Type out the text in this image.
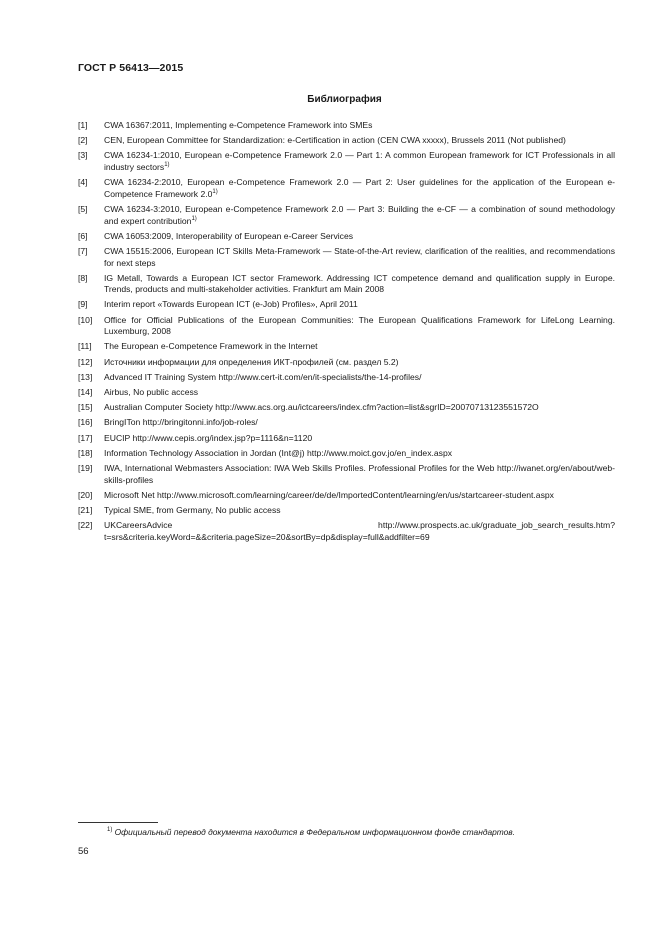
ГОСТ Р 56413—2015
Библиография
[1]	CWA 16367:2011, Implementing e-Competence Framework into SMEs
[2]	CEN, European Committee for Standardization: e-Certification in action (CEN CWA xxxxx), Brussels 2011 (Not published)
[3]	CWA 16234-1:2010, European e-Competence Framework 2.0 — Part 1: A common European framework for ICT Professionals in all industry sectors$^{1)}$
[4]	CWA 16234-2:2010, European e-Competence Framework 2.0 — Part 2: User guidelines for the application of the European e-Competence Framework 2.0$^{1)}$
[5]	CWA 16234-3:2010, European e-Competence Framework 2.0 — Part 3: Building the e-CF — a combination of sound methodology and expert contribution$^{1)}$
[6]	CWA 16053:2009, Interoperability of European e-Career Services
[7]	CWA 15515:2006, European ICT Skills Meta-Framework — State-of-the-Art review, clarification of the realities, and recommendations for next steps
[8]	IG Metall, Towards a European ICT sector Framework. Addressing ICT competence demand and qualification supply in Europe. Trends, products and multi-stakeholder activities. Frankfurt am Main 2008
[9]	Interim report «Towards European ICT (e-Job) Profiles», April 2011
[10]	Office for Official Publications of the European Communities: The European Qualifications Framework for LifeLong Learning. Luxemburg, 2008
[11]	The European e-Competence Framework in the Internet
[12]	Источники информации для определения ИКТ-профилей (см. раздел 5.2)
[13]	Advanced IT Training System http://www.cert-it.com/en/it-specialists/the-14-profiles/
[14]	Airbus, No public access
[15]	Australian Computer Society http://www.acs.org.au/ictcareers/index.cfm?action=list&sgrID=20070713123551572O
[16]	BringITon http://bringitonni.info/job-roles/
[17]	EUCIP http://www.cepis.org/index.jsp?p=1116&n=1120
[18]	Information Technology Association in Jordan (Int@j) http://www.moict.gov.jo/en_index.aspx
[19]	IWA, International Webmasters Association: IWA Web Skills Profiles. Professional Profiles for the Web http://iwanet.org/en/about/web-skills-profiles
[20]	Microsoft Net http://www.microsoft.com/learning/career/de/de/ImportedContent/learning/en/us/startcareer-student.aspx
[21]	Typical SME, from Germany, No public access
[22]	UKCareersAdvice http://www.prospects.ac.uk/graduate_job_search_results.htm?t=srs&criteria.keyWord=&&criteria.pageSize=20&sortBy=dp&display=full&addfilter=69
$^{1)}$ Официальный перевод документа находится в Федеральном информационном фонде стандартов.
56
